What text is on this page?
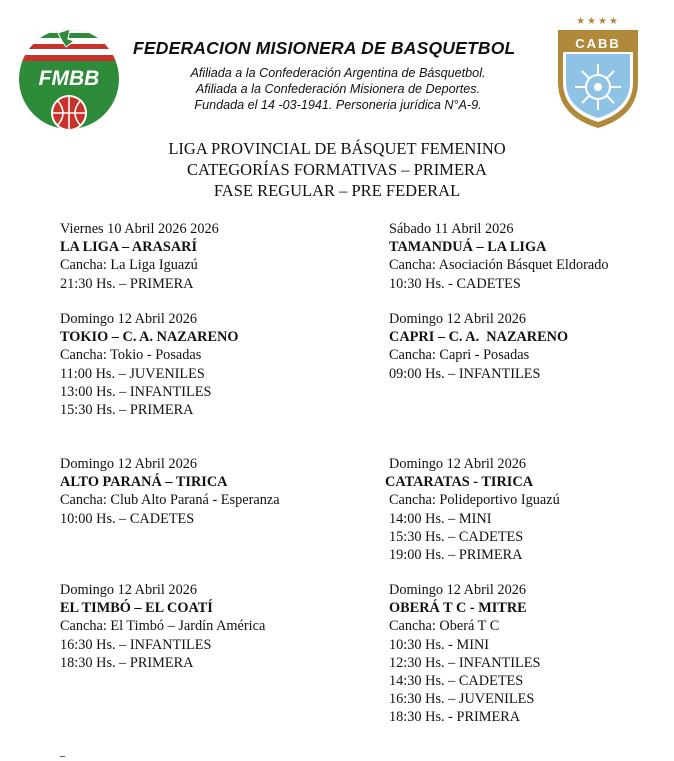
FMBB
★★★★
CABB
FEDERACION MISIONERA DE BASQUETBOL
Afiliada a la Confederación Argentina de Básquetbol.
Afiliada a la Confederación Misionera de Deportes.
Fundada el 14 -03-1941. Personeria jurídica N°A-9.
LIGA PROVINCIAL DE BÁSQUET FEMENINO
CATEGORÍAS FORMATIVAS – PRIMERA
FASE REGULAR – PRE FEDERAL
Viernes 10 Abril 2026 2026
LA LIGA – ARASARÍ
Cancha: La Liga Iguazú
21:30 Hs. – PRIMERA
Sábado 11 Abril 2026
TAMANDUÁ – LA LIGA
Cancha: Asociación Básquet Eldorado
10:30 Hs. - CADETES
Domingo 12 Abril 2026
TOKIO – C. A. NAZARENO
Cancha: Tokio - Posadas
11:00 Hs. – JUVENILES
13:00 Hs. – INFANTILES
15:30 Hs. – PRIMERA
Domingo 12 Abril 2026
CAPRI – C. A.  NAZARENO
Cancha: Capri - Posadas
09:00 Hs. – INFANTILES
Domingo 12 Abril 2026
ALTO PARANÁ – TIRICA
Cancha: Club Alto Paraná - Esperanza
10:00 Hs. – CADETES
Domingo 12 Abril 2026
CATARATAS - TIRICA
Cancha: Polideportivo Iguazú
14:00 Hs. – MINI
15:30 Hs. – CADETES
19:00 Hs. – PRIMERA
Domingo 12 Abril 2026
EL TIMBÓ – EL COATÍ
Cancha: El Timbó – Jardín América
16:30 Hs. – INFANTILES
18:30 Hs. – PRIMERA
Domingo 12 Abril 2026
OBERÁ T C - MITRE
Cancha: Oberá T C
10:30 Hs. - MINI
12:30 Hs. – INFANTILES
14:30 Hs. – CADETES
16:30 Hs. – JUVENILES
18:30 Hs. - PRIMERA
